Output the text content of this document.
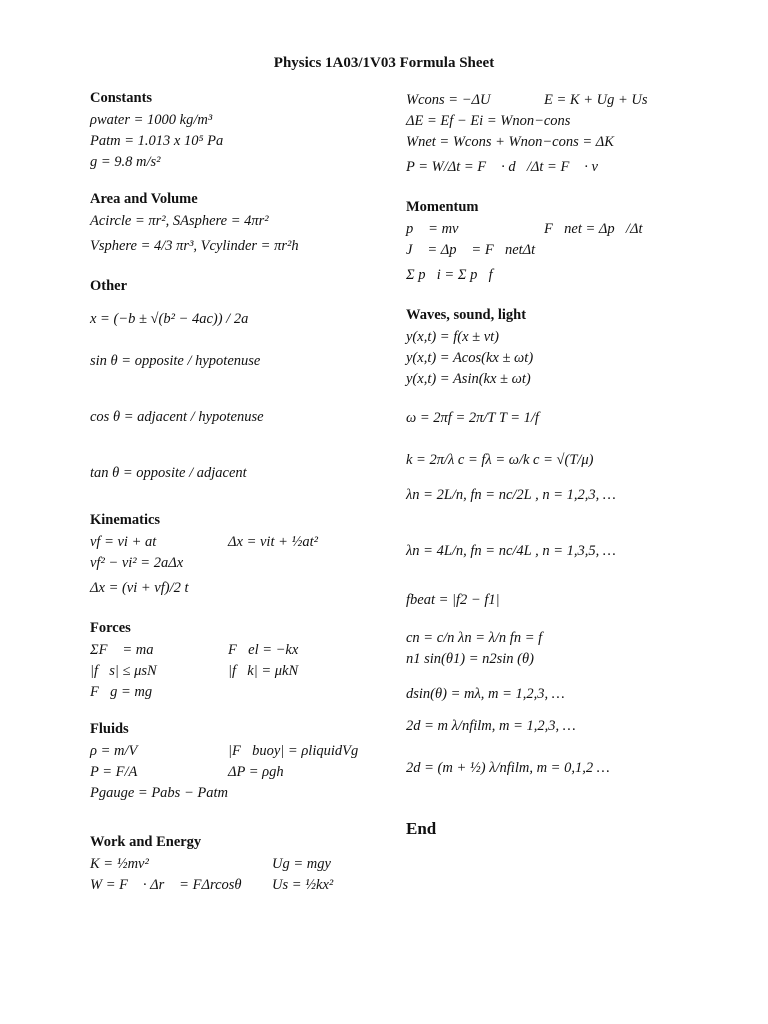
Physics 1A03/1V03 Formula Sheet
Constants
ρwater = 1000 kg/m³
Patm = 1.013 x 10⁵ Pa
g = 9.8 m/s²
Area and Volume
Acircle = πr², SAsphere = 4πr²
Vsphere = 4/3 πr³, Vcylinder = πr²h
Other
x = (−b ± √(b² − 4ac)) / 2a
sin θ = opposite / hypotenuse
cos θ = adjacent / hypotenuse
tan θ = opposite / adjacent
Kinematics
vf = vi + at	Δx = vit + ½at²
vf² − vi² = 2aΔx
Δx = (vi + vf)/2 t
Forces
ΣF⃗ = ma⃗	F⃗el = −kx⃗
|f⃗s| ≤ μsN	|f⃗k| = μkN
F⃗g = mg⃗
Fluids
ρ = m/V	|F⃗buoy| = ρliquidVg
P = F/A	ΔP = ρgh
Pgauge = Pabs − Patm
Work and Energy
K = ½mv²	Ug = mgy
W = F⃗ · Δr⃗ = FΔrcosθ	Us = ½kx²
Wcons = −ΔU	E = K + Ug + Us
ΔE = Ef − Ei = Wnon−cons
Wnet = Wcons + Wnon−cons = ΔK
P = W/Δt = F⃗ · d⃗/Δt = F⃗ · v⃗
Momentum
p⃗ = mv⃗	F⃗net = Δp⃗/Δt
J⃗ = Δp⃗ = F⃗netΔt
Σ p⃗i = Σ p⃗f
Waves, sound, light
y(x,t) = f(x ± vt)
y(x,t) = Acos(kx ± ωt)
y(x,t) = Asin(kx ± ωt)
ω = 2πf = 2π/T T = 1/f
k = 2π/λ c = fλ = ω/k c = √(T/μ)
λn = 2L/n, fn = nc/2L , n = 1,2,3, …
λn = 4L/n, fn = nc/4L , n = 1,3,5, …
fbeat = |f2 − f1|
cn = c/n λn = λ/n fn = f
n1 sin(θ1) = n2sin (θ)
dsin(θ) = mλ, m = 1,2,3, …
2d = m λ/nfilm, m = 1,2,3, …
2d = (m + ½) λ/nfilm, m = 0,1,2 …
End
